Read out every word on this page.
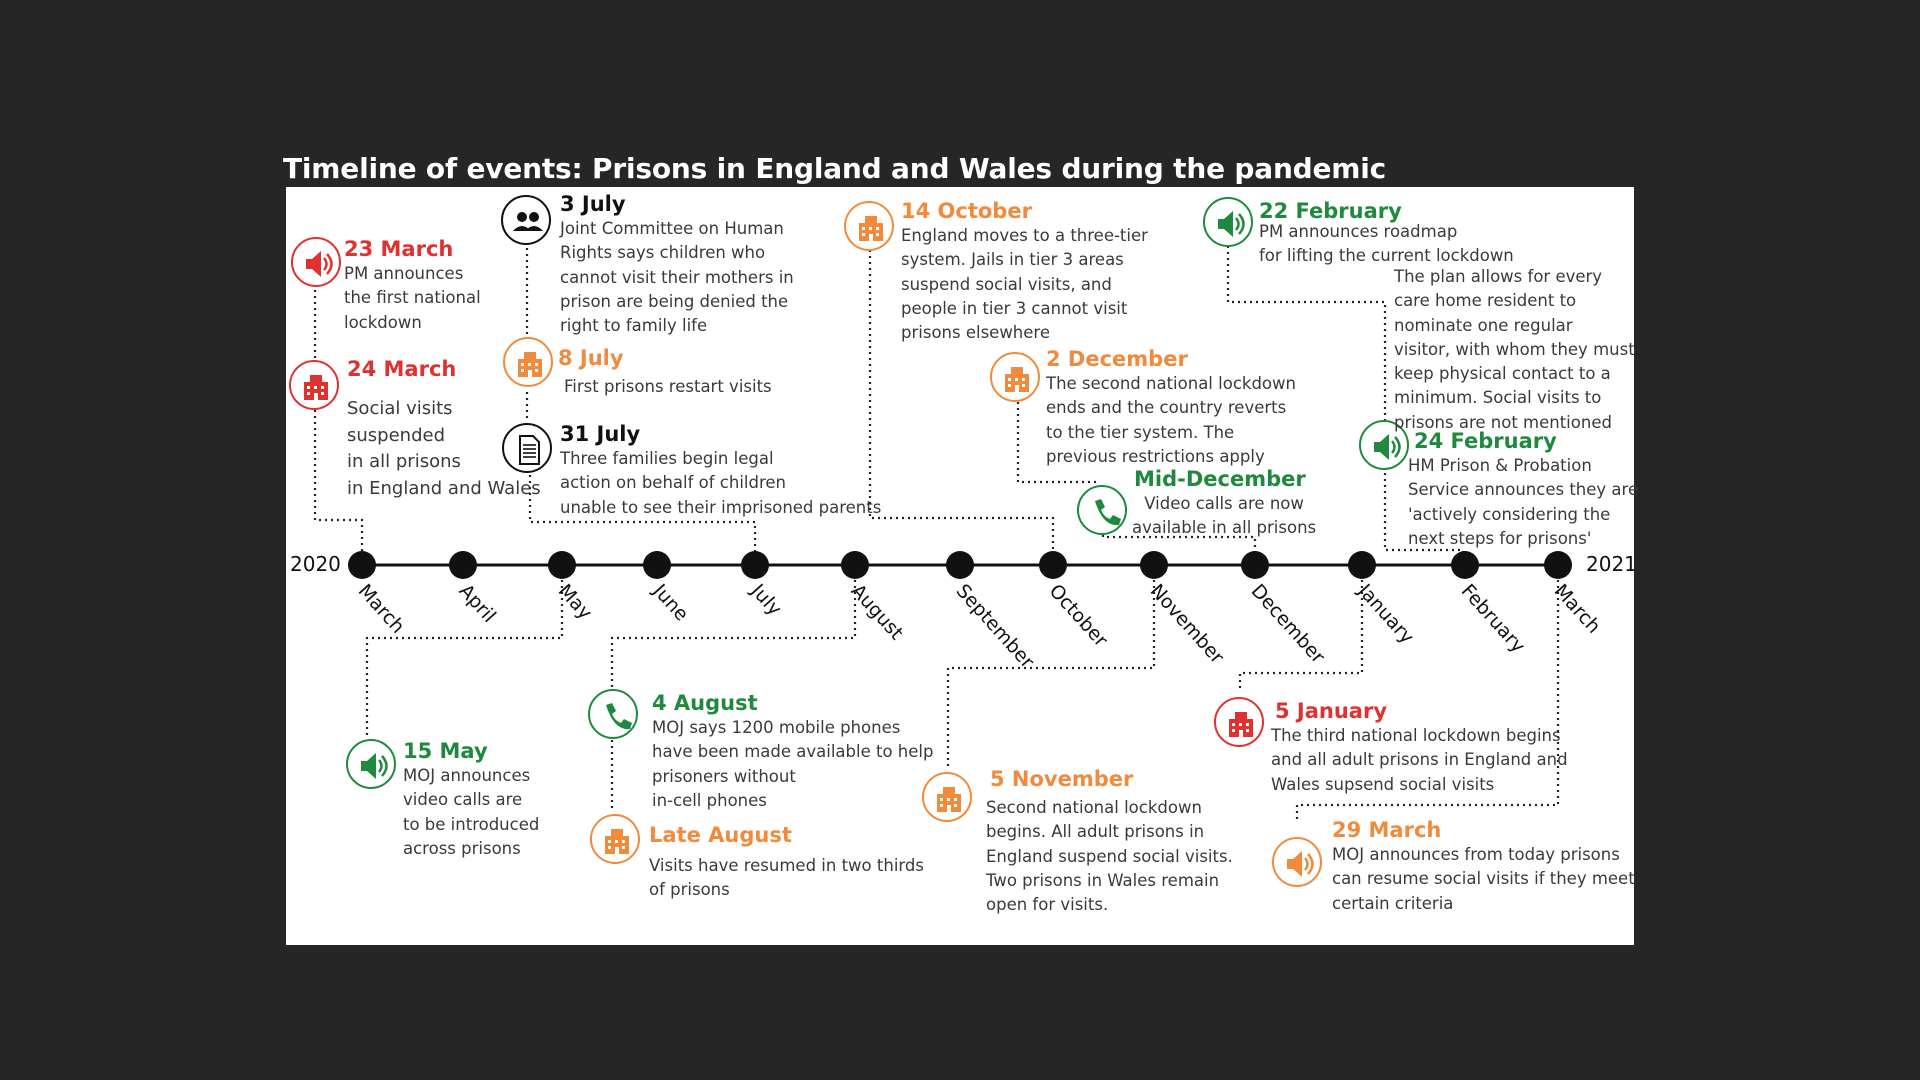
Timeline of events: Prisons in England and Wales during the pandemic
2020	2021
March April	May	June	July	August September October November December January February March
23 March
PM announces
the first national
lockdown
24 March
Social visits
suspended
in all prisons
in England and Wales
15 May
MOJ announces
video calls are
to be introduced
across prisons
3 July
Joint Committee on Human
Rights says children who
cannot visit their mothers in
prison are being denied the
right to family life
8 July
First prisons restart visits
31 July
Three families begin legal
action on behalf of children
unable to see their imprisoned parents
4 August
MOJ says 1200 mobile phones
have been made available to help
prisoners without
in-cell phones
Late August
Visits have resumed in two thirds
of prisons
14 October
England moves to a three-tier
system. Jails in tier 3 areas
suspend social visits, and
people in tier 3 cannot visit
prisons elsewhere
5 November
Second national lockdown
begins. All adult prisons in
England suspend social visits.
Two prisons in Wales remain
open for visits.
2 December
The second national lockdown
ends and the country reverts
to the tier system. The
previous restrictions apply
Mid-December
Video calls are now
available in all prisons
5 January
The third national lockdown begins
and all adult prisons in England and
Wales supsend social visits
22 February
PM announces roadmap
for lifting the current lockdown
The plan allows for every
care home resident to
nominate one regular
visitor, with whom they must
keep physical contact to a
minimum. Social visits to
prisons are not mentioned
24 February
HM Prison & Probation
Service announces they are
'actively considering the
next steps for prisons'
29 March
MOJ announces from today prisons
can resume social visits if they meet
certain criteria
